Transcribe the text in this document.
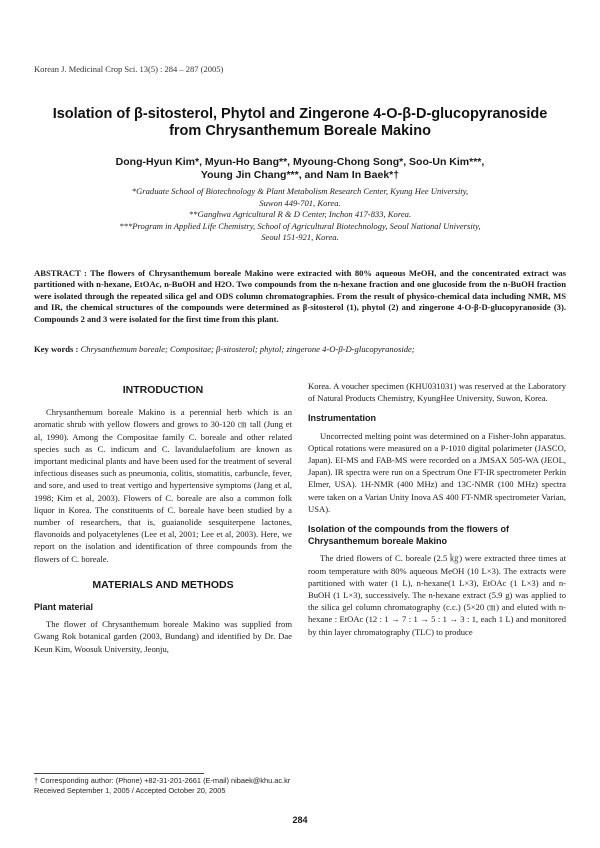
Korean J. Medicinal Crop Sci. 13(5) : 284 – 287 (2005)
Isolation of β-sitosterol, Phytol and Zingerone 4-O-β-D-glucopyranoside
from Chrysanthemum Boreale Makino
Dong-Hyun Kim*, Myun-Ho Bang**, Myoung-Chong Song*, Soo-Un Kim***,
Young Jin Chang***, and Nam In Baek*†
*Graduate School of Biotechnology & Plant Metabolism Research Center, Kyung Hee University,
Suwon 449-701, Korea.
**Ganghwa Agricultural R & D Center, Inchon 417-833, Korea.
***Program in Applied Life Chemistry, School of Agricultural Biotechnology, Seoul National University,
Seoul 151-921, Korea.
ABSTRACT : The flowers of Chrysanthemum boreale Makino were extracted with 80% aqueous MeOH, and the concentrated extract was partitioned with n-hexane, EtOAc, n-BuOH and H2O. Two compounds from the n-hexane fraction and one glucoside from the n-BuOH fraction were isolated through the repeated silica gel and ODS column chromatographies. From the result of physico-chemical data including NMR, MS and IR, the chemical structures of the compounds were determined as β-sitosterol (1), phytol (2) and zingerone 4-O-β-D-glucopyranoside (3). Compounds 2 and 3 were isolated for the first time from this plant.
Key words : Chrysanthemum boreale; Compositae; β-sitosterol; phytol; zingerone 4-O-β-D-glucopyranoside;
INTRODUCTION

Chrysanthemum boreale Makino is a perennial herb which is an aromatic shrub with yellow flowers and grows to 30-120 ㎝ tall (Jung et al, 1990). Among the Compositae family C. boreale and other related species such as C. indicum and C. lavandulaefolium are known as important medicinal plants and have been used for the treatment of several infectious diseases such as pneumonia, colitis, stomatitis, carbuncle, fever, and sore, and used to treat vertigo and hypertensive symptoms (Jang et al, 1998; Kim et al, 2003). Flowers of C. boreale are also a common folk liquor in Korea. The constituents of C. boreale have been studied by a number of researchers, that is, guaianolide sesquiterpene lactones, flavonoids and polyacetylenes (Lee et al, 2001; Lee et al, 2003). Here, we report on the isolation and identification of three compounds from the flowers of C. boreale.

MATERIALS AND METHODS
Plant material

The flower of Chrysanthemum boreale Makino was supplied from Gwang Rok botanical garden (2003, Bundang) and identified by Dr. Dae Keun Kim, Woosuk University, Jeonju,

Korea. A voucher specimen (KHU031031) was reserved at the Laboratory of Natural Products Chemistry, KyungHee University, Suwon, Korea.

Instrumentation

Uncorrected melting point was determined on a Fisher-John apparatus. Optical rotations were measured on a P-1010 digital polarimeter (JASCO, Japan). EI-MS and FAB-MS were recorded on a JMSAX 505-WA (JEOL, Japan). IR spectra were run on a Spectrum One FT-IR spectrometer Perkin Elmer, USA). 1H-NMR (400 MHz) and 13C-NMR (100 MHz) spectra were taken on a Varian Unity Inova AS 400 FT-NMR spectrometer Varian, USA).

Isolation of the compounds from the flowers of Chrysanthemum boreale Makino

The dried flowers of C. boreale (2.5 ㎏) were extracted three times at room temperature with 80% aqueous MeOH (10 L×3). The extracts were partitioned with water (1 L), n-hexane(1 L×3), EtOAc (1 L×3) and n-BuOH (1 L×3), successively. The n-hexane extract (5.9 g) was applied to the silica gel column chromatography (c.c.) (5×20 ㎝) and eluted with n-hexane : EtOAc (12 : 1 → 7 : 1 → 5 : 1 → 3 : 1, each 1 L) and monitored by thin layer chromatography (TLC) to produce

† Corresponding author: (Phone) +82-31-201-2661 (E-mail) nibaek@khu.ac.kr
Received September 1, 2005 / Accepted October 20, 2005
284
